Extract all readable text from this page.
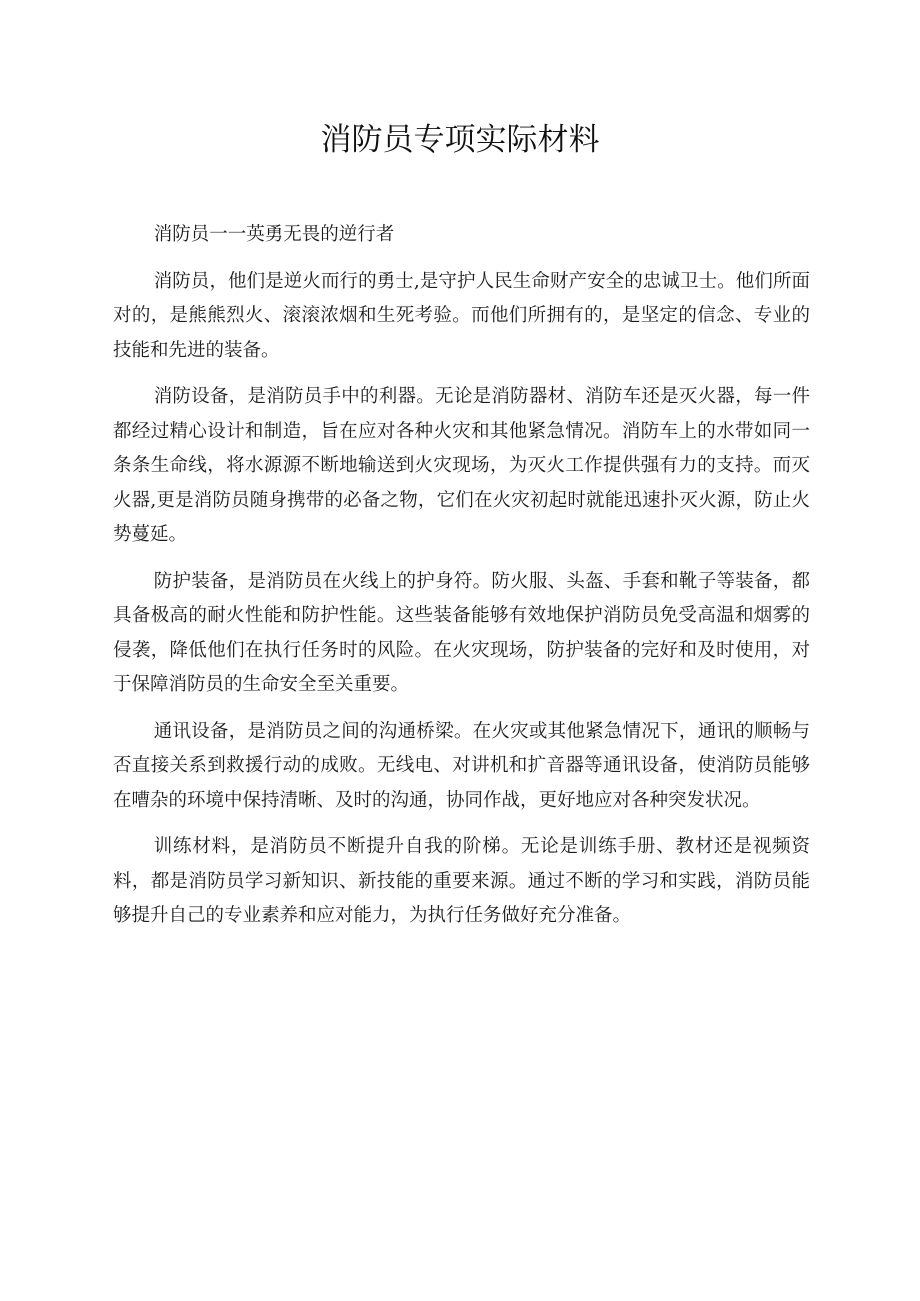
消防员专项实际材料

消防员一一英勇无畏的逆行者

消防员，他们是逆火而行的勇士,是守护人民生命财产安全的忠诚卫士。他们所面对的，是熊熊烈火、滚滚浓烟和生死考验。而他们所拥有的，是坚定的信念、专业的技能和先进的装备。

消防设备，是消防员手中的利器。无论是消防器材、消防车还是灭火器，每一件都经过精心设计和制造，旨在应对各种火灾和其他紧急情况。消防车上的水带如同一条条生命线，将水源源不断地输送到火灾现场，为灭火工作提供强有力的支持。而灭火器,更是消防员随身携带的必备之物，它们在火灾初起时就能迅速扑灭火源，防止火势蔓延。

防护装备，是消防员在火线上的护身符。防火服、头盔、手套和靴子等装备，都具备极高的耐火性能和防护性能。这些装备能够有效地保护消防员免受高温和烟雾的侵袭，降低他们在执行任务时的风险。在火灾现场，防护装备的完好和及时使用，对于保障消防员的生命安全至关重要。

通讯设备，是消防员之间的沟通桥梁。在火灾或其他紧急情况下，通讯的顺畅与否直接关系到救援行动的成败。无线电、对讲机和扩音器等通讯设备，使消防员能够在嘈杂的环境中保持清晰、及时的沟通，协同作战，更好地应对各种突发状况。

训练材料，是消防员不断提升自我的阶梯。无论是训练手册、教材还是视频资料，都是消防员学习新知识、新技能的重要来源。通过不断的学习和实践，消防员能够提升自己的专业素养和应对能力，为执行任务做好充分准备。
